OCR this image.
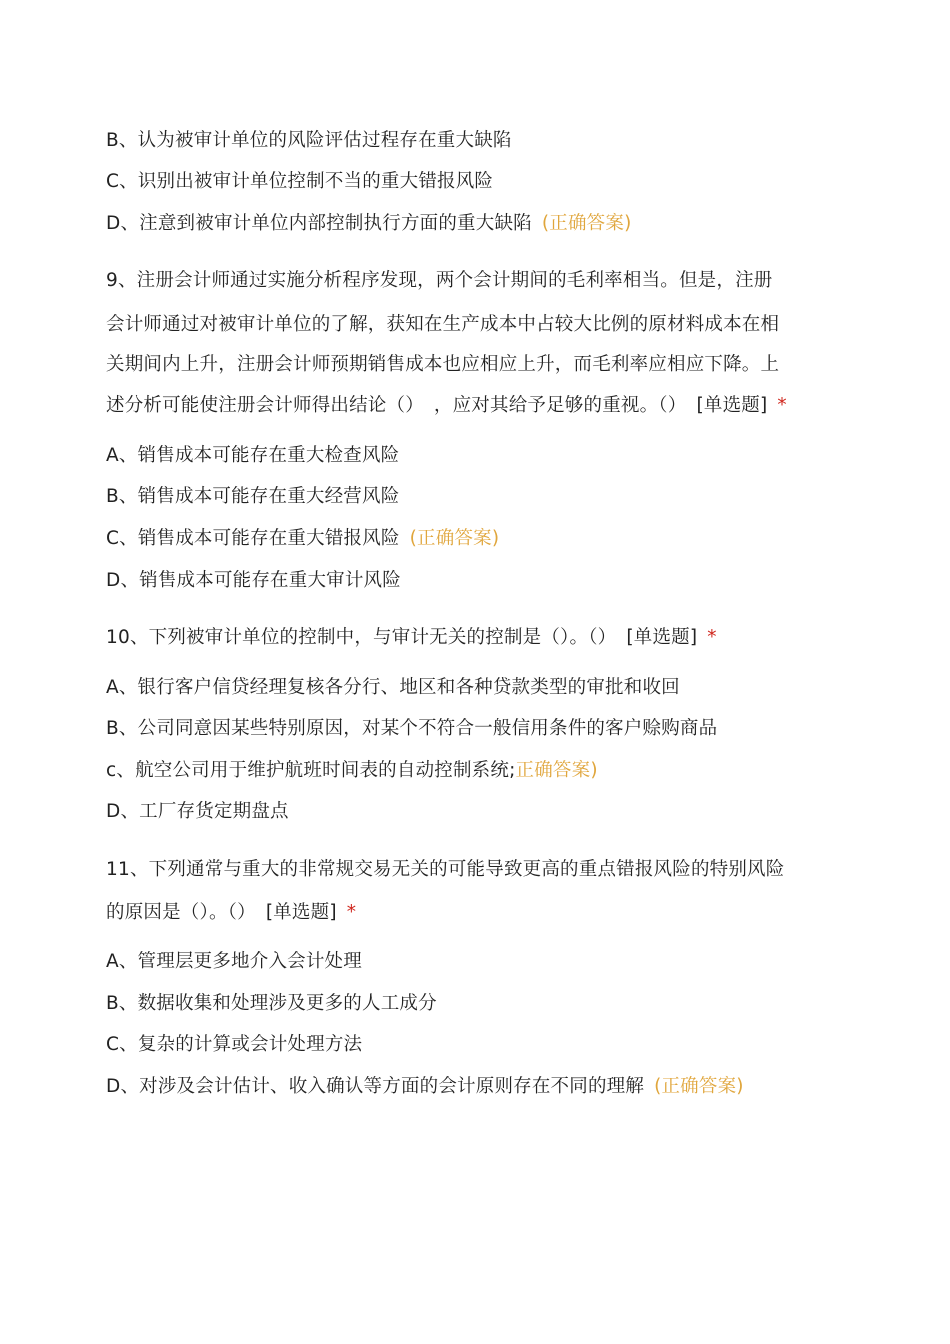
B、认为被审计单位的风险评估过程存在重大缺陷
C、识别出被审计单位控制不当的重大错报风险
D、注意到被审计单位内部控制执行方面的重大缺陷 (正确答案)
9、注册会计师通过实施分析程序发现，两个会计期间的毛利率相当。但是，注册
会计师通过对被审计单位的了解，获知在生产成本中占较大比例的原材料成本在相
关期间内上升，注册会计师预期销售成本也应相应上升，而毛利率应相应下降。上
述分析可能使注册会计师得出结论（） ，应对其给予足够的重视。（） [单选题] *
A、销售成本可能存在重大检查风险
B、销售成本可能存在重大经营风险
C、销售成本可能存在重大错报风险 (正确答案)
D、销售成本可能存在重大审计风险
10、下列被审计单位的控制中，与审计无关的控制是（）。（） [单选题] *
A、银行客户信贷经理复核各分行、地区和各种贷款类型的审批和收回
B、公司同意因某些特别原因，对某个不符合一般信用条件的客户赊购商品
c、航空公司用于维护航班时间表的自动控制系统;正确答案)
D、工厂存货定期盘点
11、下列通常与重大的非常规交易无关的可能导致更高的重点错报风险的特别风险
的原因是（）。（） [单选题] *
A、管理层更多地介入会计处理
B、数据收集和处理涉及更多的人工成分
C、复杂的计算或会计处理方法
D、对涉及会计估计、收入确认等方面的会计原则存在不同的理解 (正确答案)
